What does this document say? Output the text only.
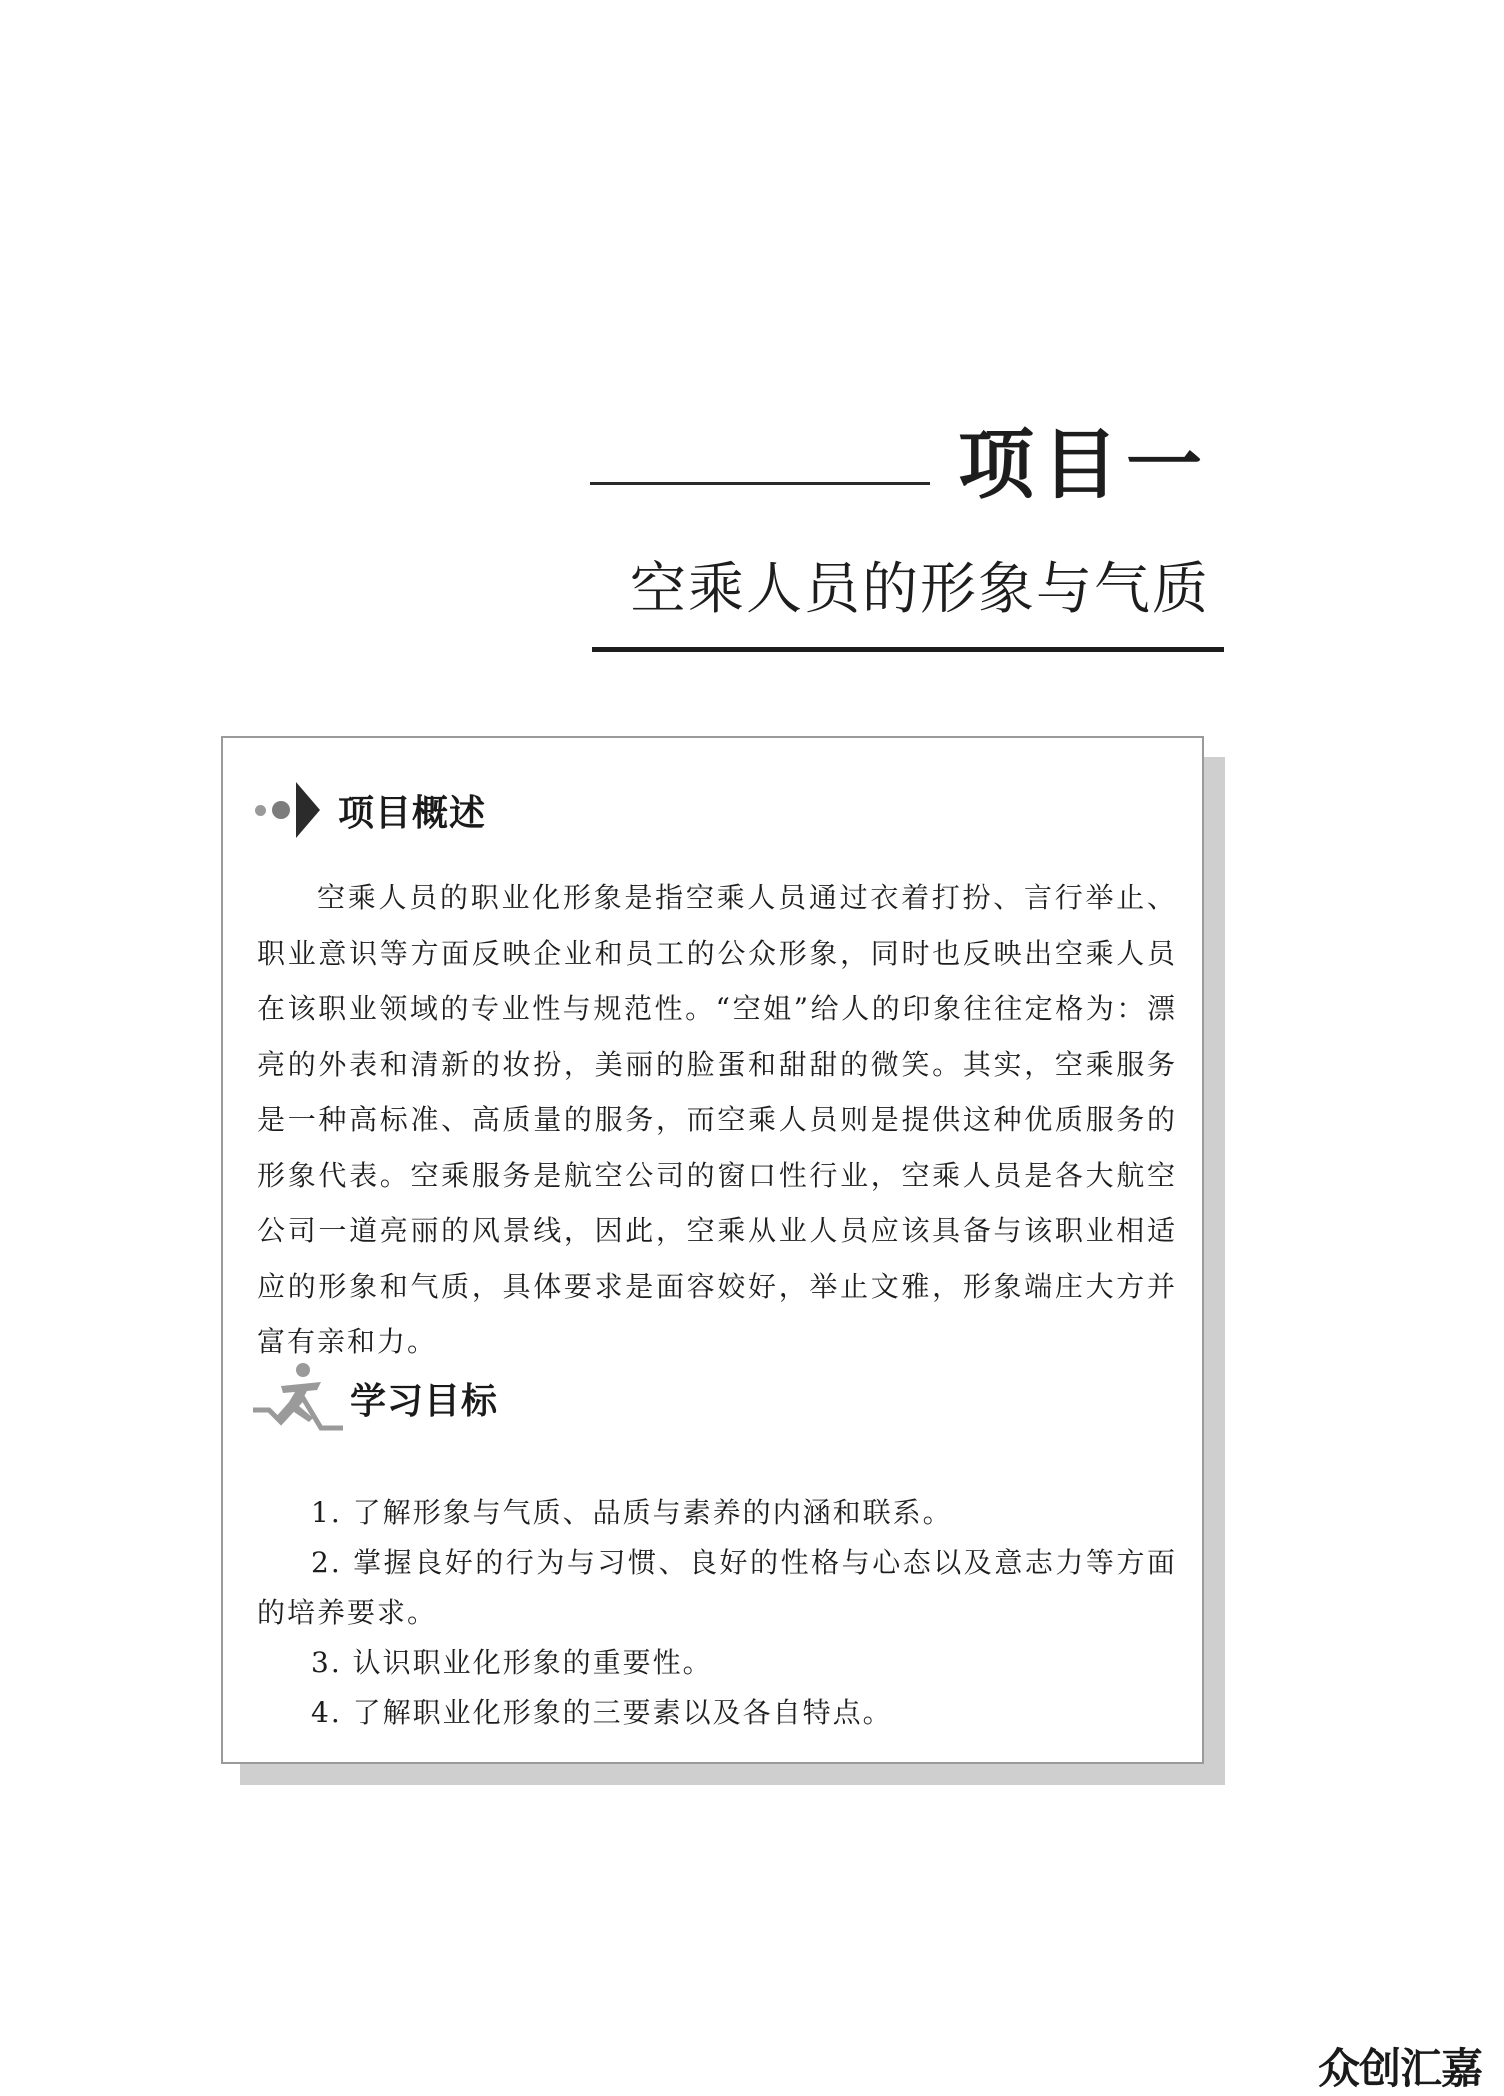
项目一
空乘人员的形象与气质
项目概述

空乘人员的职业化形象是指空乘人员通过衣着打扮、言行举止、职业意识等方面反映企业和员工的公众形象，同时也反映出空乘人员在该职业领域的专业性与规范性。“空姐”给人的印象往往定格为：漂亮的外表和清新的妆扮，美丽的脸蛋和甜甜的微笑。其实，空乘服务是一种高标准、高质量的服务，而空乘人员则是提供这种优质服务的形象代表。空乘服务是航空公司的窗口性行业，空乘人员是各大航空公司一道亮丽的风景线，因此，空乘从业人员应该具备与该职业相适应的形象和气质，具体要求是面容姣好，举止文雅，形象端庄大方并富有亲和力。

学习目标

1. 了解形象与气质、品质与素养的内涵和联系。

2. 掌握良好的行为与习惯、良好的性格与心态以及意志力等方面的培养要求。

3. 认识职业化形象的重要性。

4. 了解职业化形象的三要素以及各自特点。

众创汇嘉
